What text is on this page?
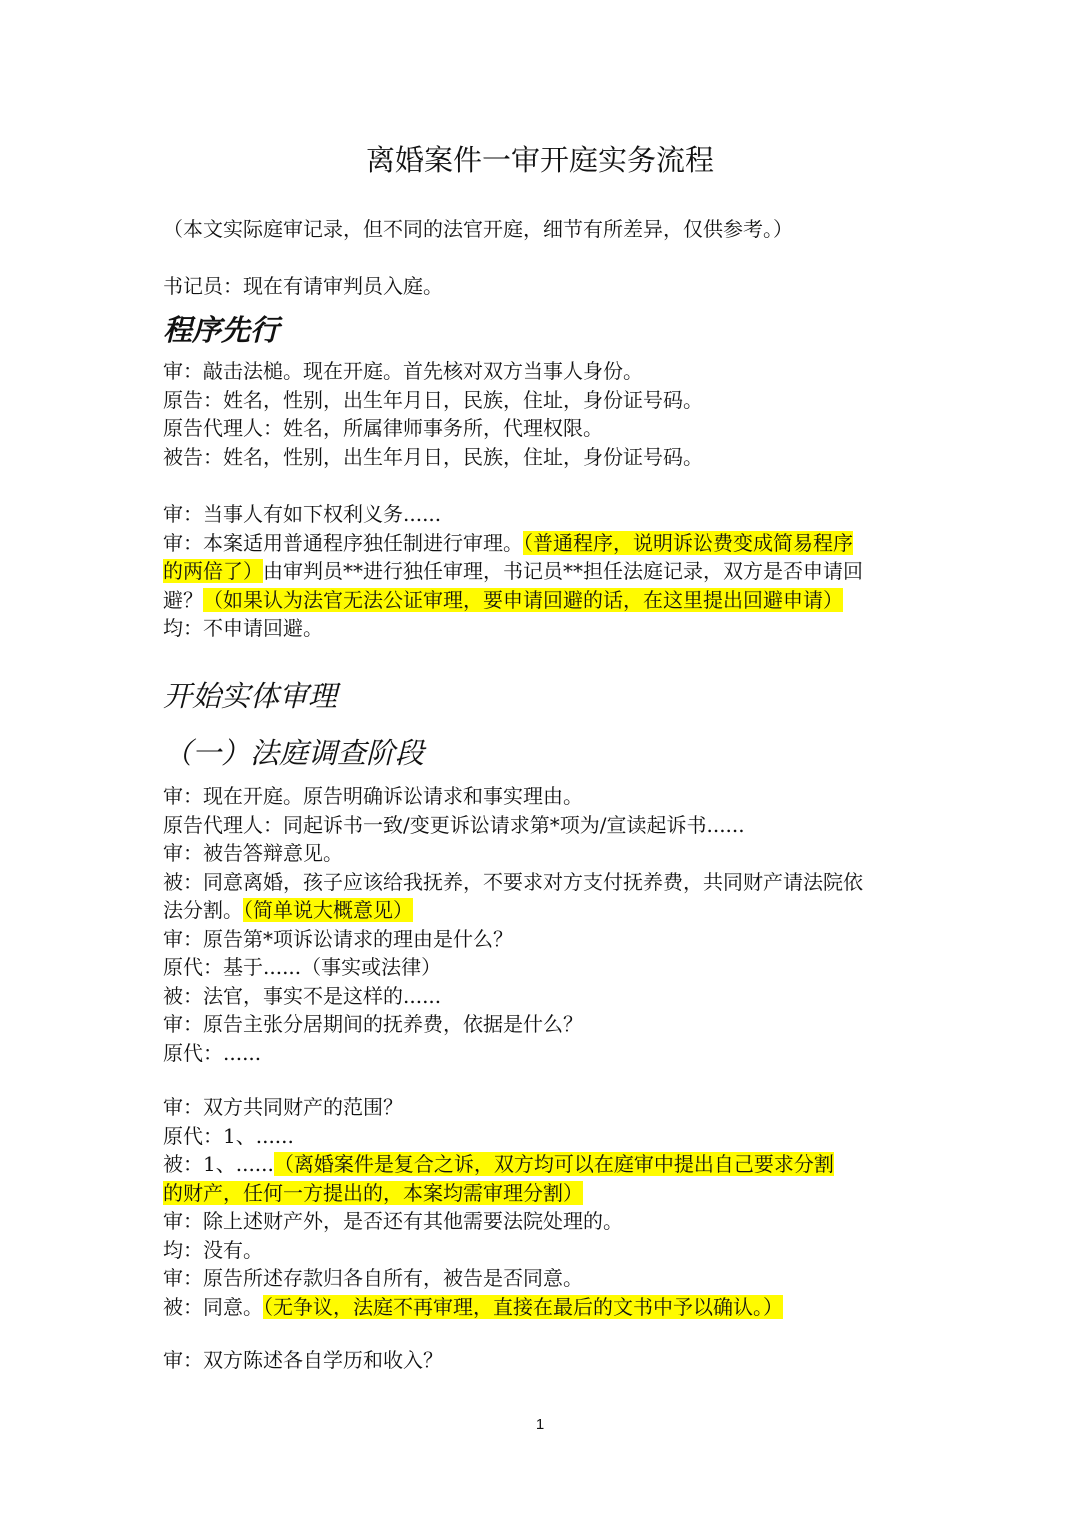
离婚案件一审开庭实务流程
（本文实际庭审记录，但不同的法官开庭，细节有所差异，仅供参考。）
书记员：现在有请审判员入庭。
程序先行
审：敲击法槌。现在开庭。首先核对双方当事人身份。
原告：姓名，性别，出生年月日，民族，住址，身份证号码。
原告代理人：姓名，所属律师事务所，代理权限。
被告：姓名，性别，出生年月日，民族，住址，身份证号码。
审：当事人有如下权利义务......
审：本案适用普通程序独任制进行审理。（普通程序，说明诉讼费变成简易程序
的两倍了）由审判员**进行独任审理，书记员**担任法庭记录，双方是否申请回
避？（如果认为法官无法公证审理，要申请回避的话，在这里提出回避申请）
均：不申请回避。
开始实体审理
（一）法庭调查阶段
审：现在开庭。原告明确诉讼请求和事实理由。
原告代理人：同起诉书一致/变更诉讼请求第*项为/宣读起诉书......
审：被告答辩意见。
被：同意离婚，孩子应该给我抚养，不要求对方支付抚养费，共同财产请法院依
法分割。（简单说大概意见）
审：原告第*项诉讼请求的理由是什么？
原代：基于......（事实或法律）
被：法官，事实不是这样的......
审：原告主张分居期间的抚养费，依据是什么？
原代：......
审：双方共同财产的范围？
原代：1、......
被：1、......（离婚案件是复合之诉，双方均可以在庭审中提出自己要求分割
的财产，任何一方提出的，本案均需审理分割）
审：除上述财产外，是否还有其他需要法院处理的。
均：没有。
审：原告所述存款归各自所有，被告是否同意。
被：同意。（无争议，法庭不再审理，直接在最后的文书中予以确认。）
审：双方陈述各自学历和收入？
1
